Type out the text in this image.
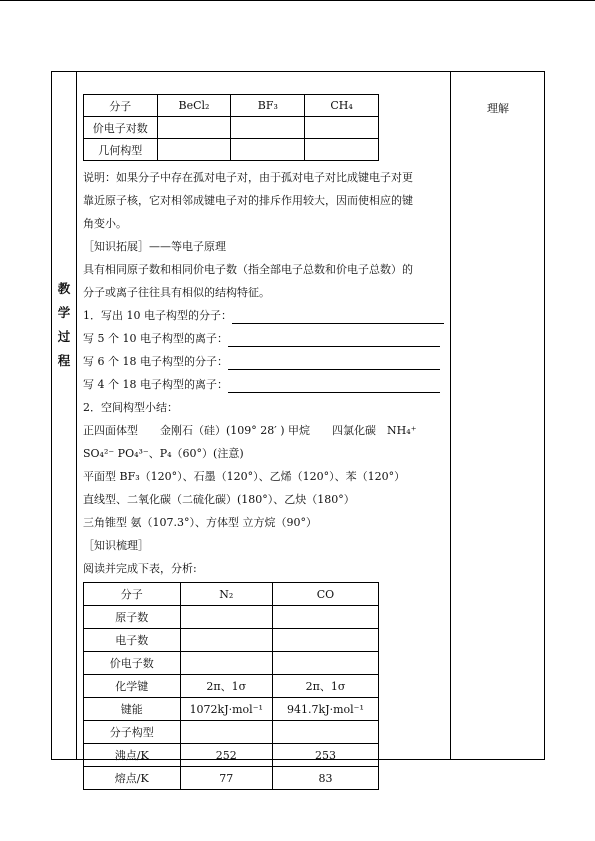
教
学
过
程
理解
分子	BeCl₂	BF₃	CH₄
价电子对数			
几何构型			
说明：如果分子中存在孤对电子对，由于孤对电子对比成键电子对更
靠近原子核，它对相邻成键电子对的排斥作用较大，因而使相应的键
角变小。
［知识拓展］——等电子原理
具有相同原子数和相同价电子数（指全部电子总数和价电子总数）的
分子或离子往往具有相似的结构特征。
1．写出 10 电子构型的分子：
写 5 个 10 电子构型的离子：
写 6 个 18 电子构型的分子：
写 4 个 18 电子构型的离子：
2．空间构型小结：
正四面体型　　金刚石（硅）(109° 28′ ) 甲烷　　四氯化碳　NH₄⁺
SO₄²⁻ PO₄³⁻、P₄（60°）(注意)
平面型 BF₃（120°）、石墨（120°）、乙烯（120°）、苯（120°）
直线型、二氧化碳（二硫化碳）(180°）、乙炔（180°）
三角锥型 氨（107.3°）、方体型 立方烷（90°）
［知识梳理］
阅读并完成下表，分析:
分子	N₂	CO
原子数		
电子数		
价电子数		
化学键	2π、1σ	2π、1σ
键能	1072kJ·mol⁻¹	941.7kJ·mol⁻¹
分子构型		
沸点/K	252	253
熔点/K	77	83
